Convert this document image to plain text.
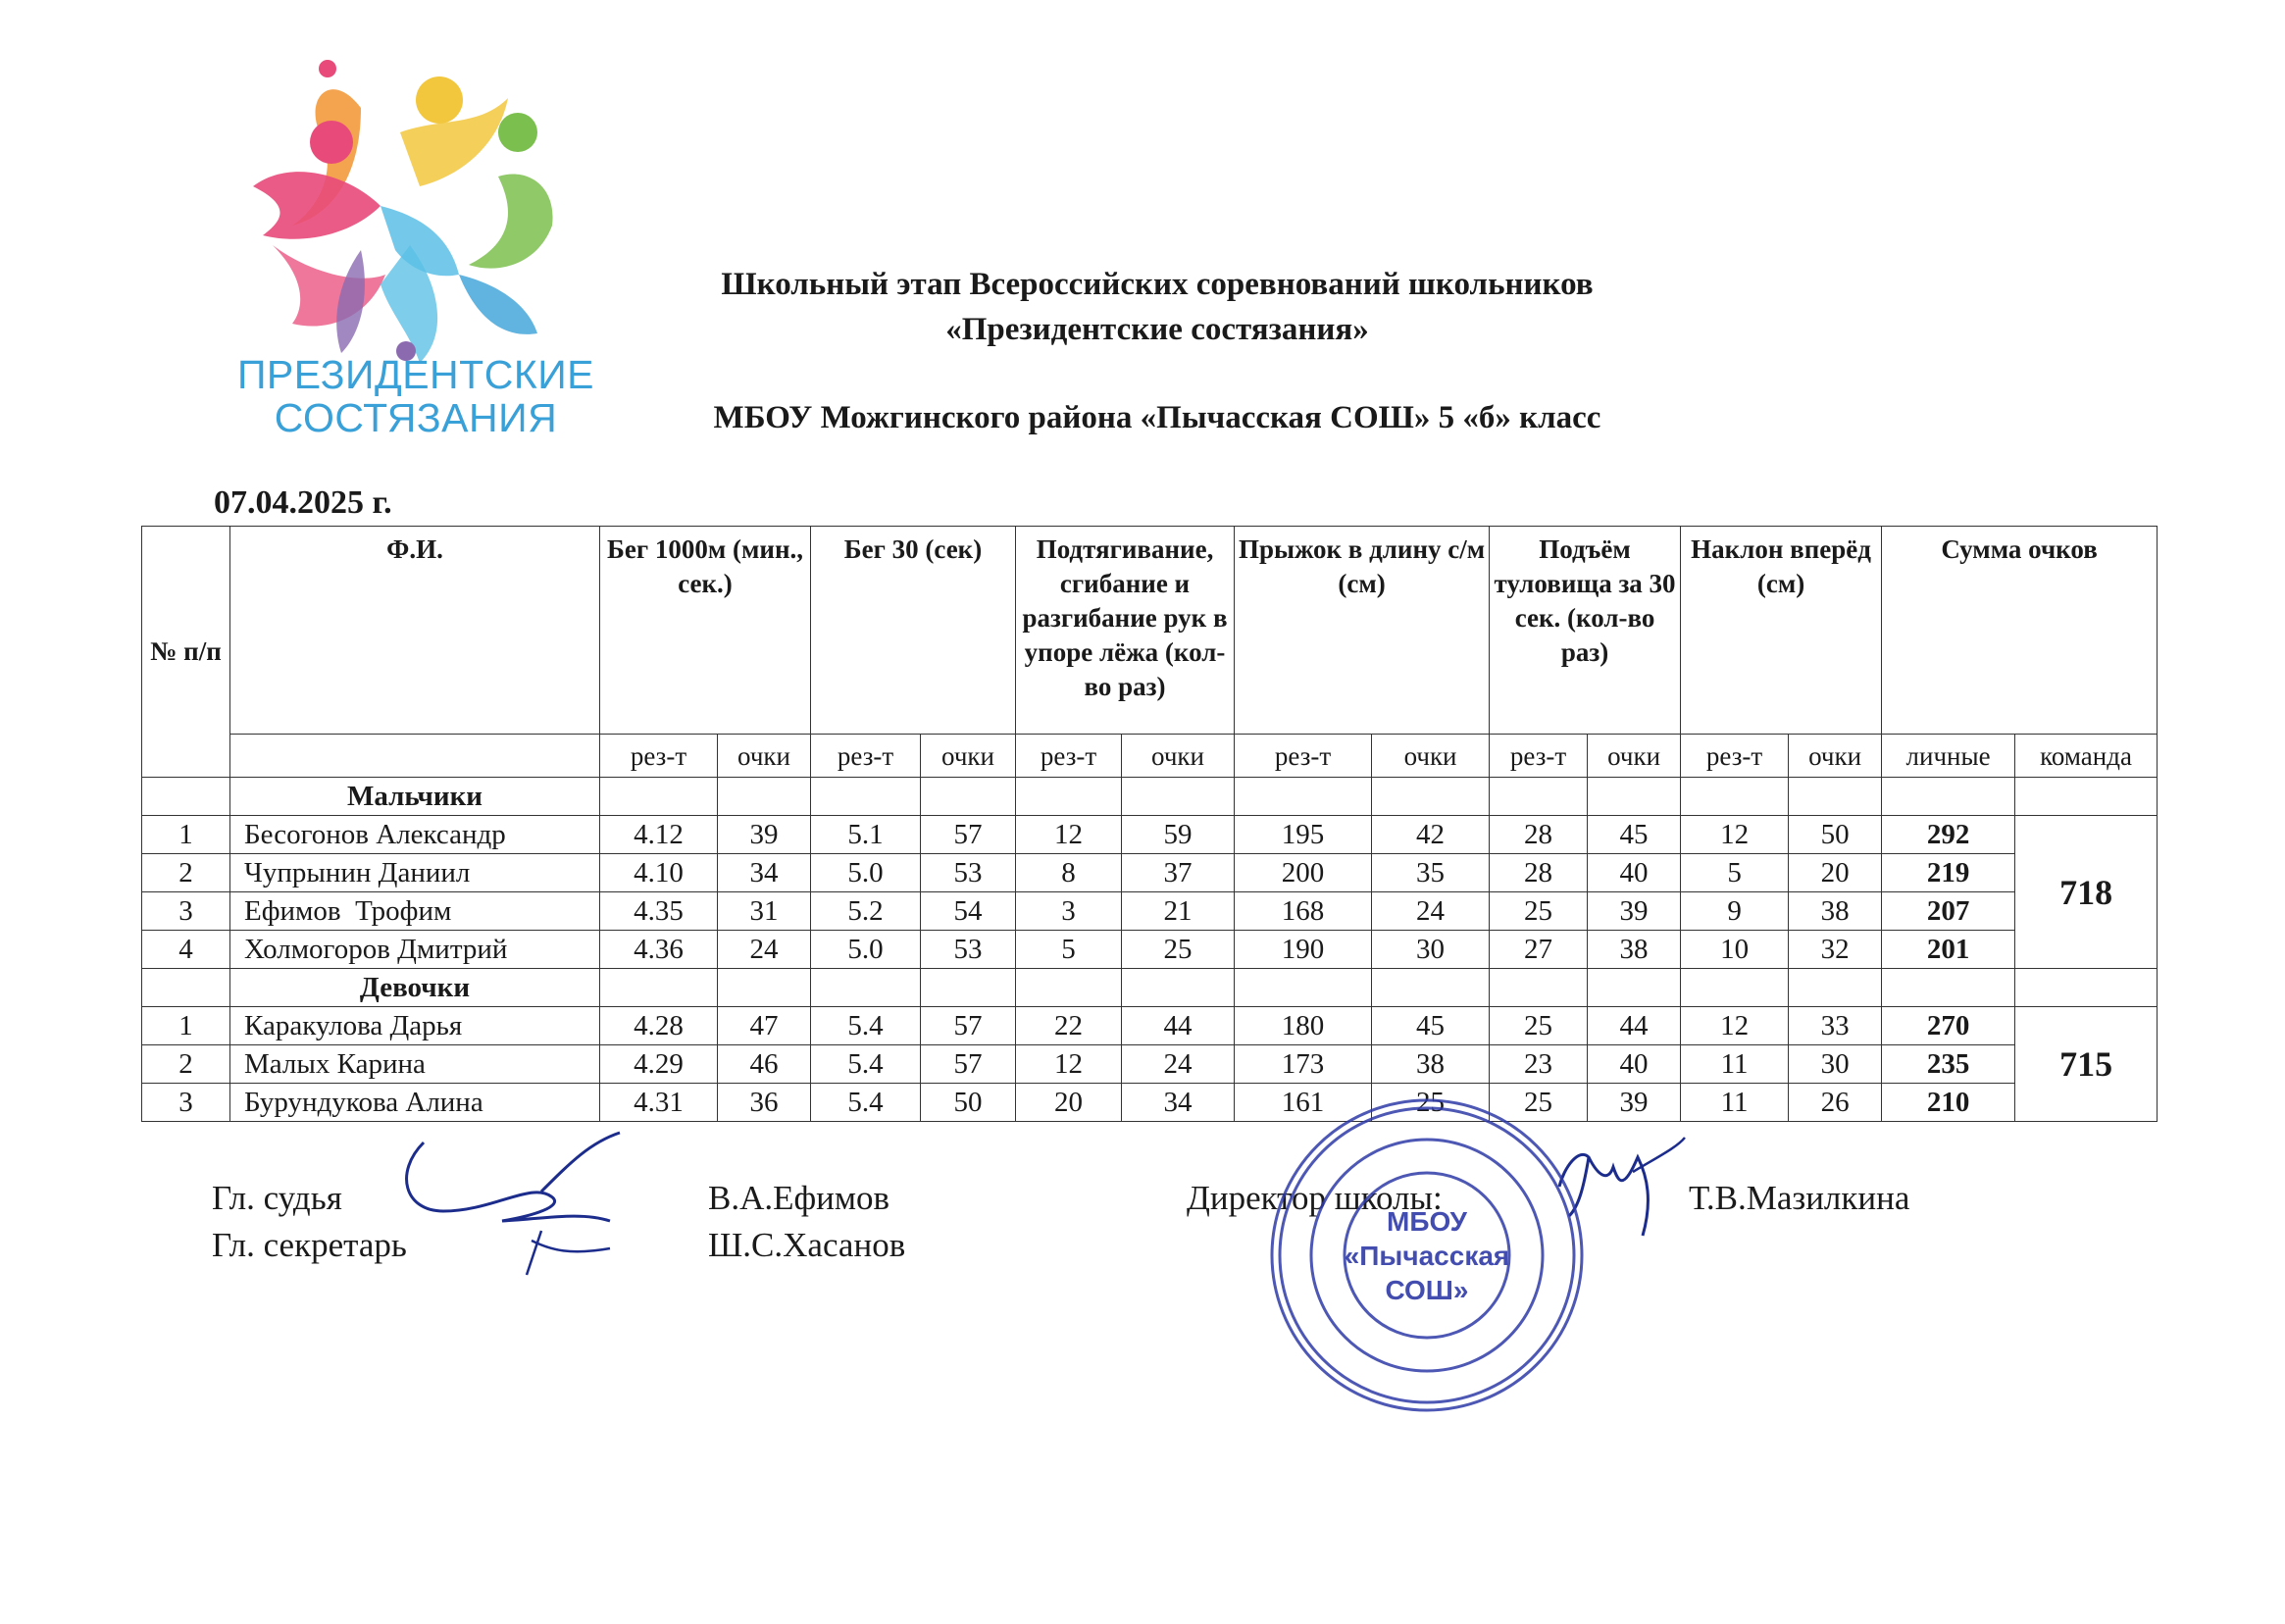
ПРЕЗИДЕНТСКИЕ
СОСТЯЗАНИЯ
Школьный этап Всероссийских соревнований школьников
«Президентские состязания»
МБОУ Можгинского района «Пычасская СОШ» 5 «б» класс
07.04.2025 г.
№ п/п	Ф.И.	Бег 1000м (мин., сек.)		Бег 30 (сек)		Подтягивание, сгибание и разгибание рук в упоре лёжа (кол-во раз)		Прыжок в длину с/м (см)		Подъём туловища за 30 сек. (кол-во раз)		Наклон вперёд (см)		Сумма очков	
		рез-т	очки	рез-т	очки	рез-т	очки	рез-т	очки	рез-т	очки	рез-т	очки	личные	команда
	Мальчики														
1	Бесогонов Александр	4.12	39	5.1	57	12	59	195	42	28	45	12	50	292	718
2	Чупрынин Даниил	4.10	34	5.0	53	8	37	200	35	28	40	5	20	219	
3	Ефимов  Трофим	4.35	31	5.2	54	3	21	168	24	25	39	9	38	207	
4	Холмогоров Дмитрий	4.36	24	5.0	53	5	25	190	30	27	38	10	32	201	
	Девочки														
1	Каракулова Дарья	4.28	47	5.4	57	22	44	180	45	25	44	12	33	270	715
2	Малых Карина	4.29	46	5.4	57	12	24	173	38	23	40	11	30	235	
3	Бурундукова Алина	4.31	36	5.4	50	20	34	161	25	25	39	11	26	210	
Гл. судья	В.А.Ефимов
Гл. секретарь	Ш.С.Хасанов
Директор школы:	Т.В.Мазилкина
МБОУ
«Пычасская
СОШ»
